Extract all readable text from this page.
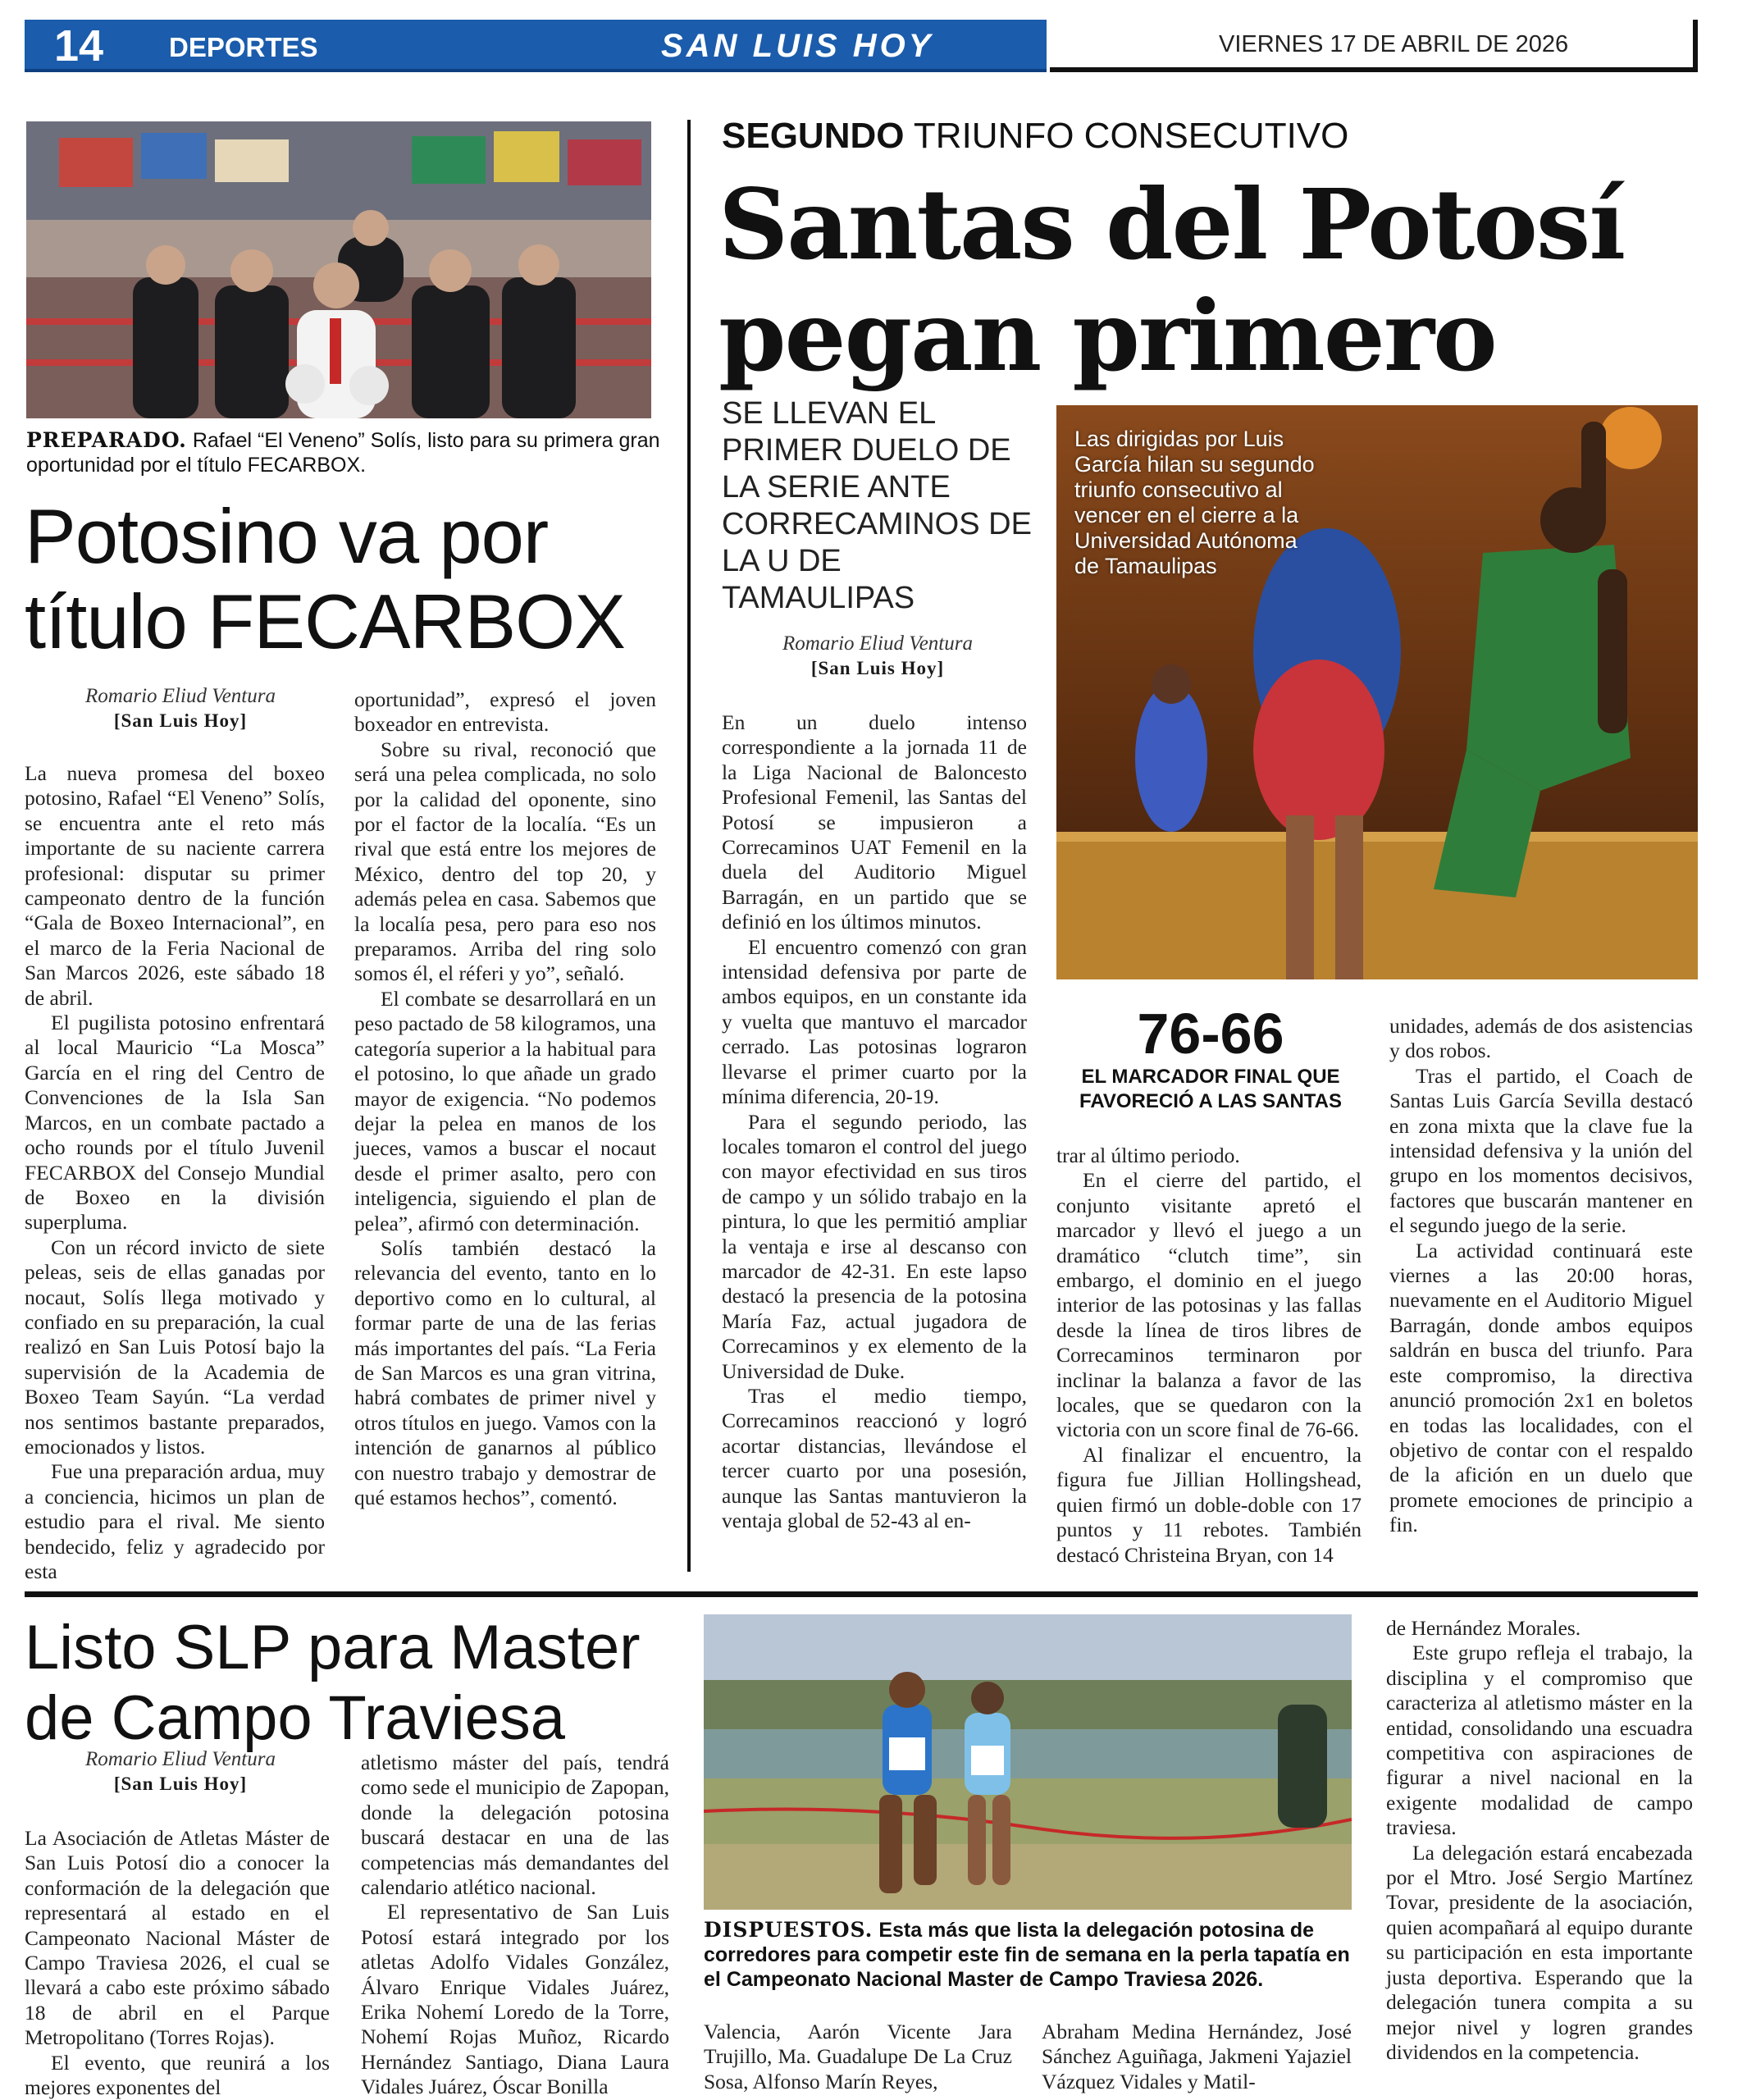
14 DEPORTES	SAN LUIS HOY	VIERNES 17 DE ABRIL DE 2026
PREPARADO. Rafael “El Veneno” Solís, listo para su primera gran oportunidad por el título FECARBOX.
Potosino va por título FECARBOX
Romario Eliud Ventura
[San Luis Hoy]

La nueva promesa del boxeo potosino, Rafael “El Veneno” Solís, se encuentra ante el reto más importante de su naciente carrera profesional: disputar su primer campeonato dentro de la función “Gala de Boxeo Internacional”, en el marco de la Feria Nacional de San Marcos 2026, este sábado 18 de abril.

El pugilista potosino enfrentará al local Mauricio “La Mosca” García en el ring del Centro de Convenciones de la Isla San Marcos, en un combate pactado a ocho rounds por el título Juvenil FECARBOX del Consejo Mundial de Boxeo en la división superpluma.

Con un récord invicto de siete peleas, seis de ellas ganadas por nocaut, Solís llega motivado y confiado en su preparación, la cual realizó en San Luis Potosí bajo la supervisión de la Academia de Boxeo Team Sayún. “La verdad nos sentimos bastante preparados, emocionados y listos.

Fue una preparación ardua, muy a conciencia, hicimos un plan de estudio para el rival. Me siento bendecido, feliz y agradecido por esta

oportunidad”, expresó el joven boxeador en entrevista.

Sobre su rival, reconoció que será una pelea complicada, no solo por la calidad del oponente, sino por el factor de la localía. “Es un rival que está entre los mejores de México, dentro del top 20, y además pelea en casa. Sabemos que la localía pesa, pero para eso nos preparamos. Arriba del ring solo somos él, el réferi y yo”, señaló.

El combate se desarrollará en un peso pactado de 58 kilogramos, una categoría superior a la habitual para el potosino, lo que añade un grado mayor de exigencia. “No podemos dejar la pelea en manos de los jueces, vamos a buscar el nocaut desde el primer asalto, pero con inteligencia, siguiendo el plan de pelea”, afirmó con determinación.

Solís también destacó la relevancia del evento, tanto en lo deportivo como en lo cultural, al formar parte de una de las ferias más importantes del país. “La Feria de San Marcos es una gran vitrina, habrá combates de primer nivel y otros títulos en juego. Vamos con la intención de ganarnos al público con nuestro trabajo y demostrar de qué estamos hechos”, comentó.

SEGUNDO TRIUNFO CONSECUTIVO
Santas del Potosí pegan primero
SE LLEVAN EL PRIMER DUELO DE LA SERIE ANTE CORRECAMINOS DE LA U DE TAMAULIPAS
Romario Eliud Ventura
[San Luis Hoy]
Las dirigidas por Luis García hilan su segundo triunfo consecutivo al vencer en el cierre a la Universidad Autónoma de Tamaulipas

En un duelo intenso correspondiente a la jornada 11 de la Liga Nacional de Baloncesto Profesional Femenil, las Santas del Potosí se impusieron a Correcaminos UAT Femenil en la duela del Auditorio Miguel Barragán, en un partido que se definió en los últimos minutos.

El encuentro comenzó con gran intensidad defensiva por parte de ambos equipos, en un constante ida y vuelta que mantuvo el marcador cerrado. Las potosinas lograron llevarse el primer cuarto por la mínima diferencia, 20-19.

Para el segundo periodo, las locales tomaron el control del juego con mayor efectividad en sus tiros de campo y un sólido trabajo en la pintura, lo que les permitió ampliar la ventaja e irse al descanso con marcador de 42-31. En este lapso destacó la presencia de la potosina María Faz, actual jugadora de Correcaminos y ex elemento de la Universidad de Duke.

Tras el medio tiempo, Correcaminos reaccionó y logró acortar distancias, llevándose el tercer cuarto por una posesión, aunque las Santas mantuvieron la ventaja global de 52-43 al en-

76-66
EL MARCADOR FINAL QUE FAVORECIÓ A LAS SANTAS

trar al último periodo.

En el cierre del partido, el conjunto visitante apretó el marcador y llevó el juego a un dramático “clutch time”, sin embargo, el dominio en el juego interior de las potosinas y las fallas desde la línea de tiros libres de Correcaminos terminaron por inclinar la balanza a favor de las locales, que se quedaron con la victoria con un score final de 76-66.

Al finalizar el encuentro, la figura fue Jillian Hollingshead, quien firmó un doble-doble con 17 puntos y 11 rebotes. También destacó Christeina Bryan, con 14

unidades, además de dos asistencias y dos robos.

Tras el partido, el Coach de Santas Luis García Sevilla destacó en zona mixta que la clave fue la intensidad defensiva y la unión del grupo en los momentos decisivos, factores que buscarán mantener en el segundo juego de la serie.

La actividad continuará este viernes a las 20:00 horas, nuevamente en el Auditorio Miguel Barragán, donde ambos equipos saldrán en busca del triunfo. Para este compromiso, la directiva anunció promoción 2x1 en boletos en todas las localidades, con el objetivo de contar con el respaldo de la afición en un duelo que promete emociones de principio a fin.

Listo SLP para Master de Campo Traviesa
Romario Eliud Ventura
[San Luis Hoy]

La Asociación de Atletas Máster de San Luis Potosí dio a conocer la conformación de la delegación que representará al estado en el Campeonato Nacional Máster de Campo Traviesa 2026, el cual se llevará a cabo este próximo sábado 18 de abril en el Parque Metropolitano (Torres Rojas).

El evento, que reunirá a los mejores exponentes del

atletismo máster del país, tendrá como sede el municipio de Zapopan, donde la delegación potosina buscará destacar en una de las competencias más demandantes del calendario atlético nacional.

El representativo de San Luis Potosí estará integrado por los atletas Adolfo Vidales González, Álvaro Enrique Vidales Juárez, Erika Nohemí Loredo de la Torre, Nohemí Rojas Muñoz, Ricardo Hernández Santiago, Diana Laura Vidales Juárez, Óscar Bonilla

DISPUESTOS. Esta más que lista la delegación potosina de corredores para competir este fin de semana en la perla tapatía en el Campeonato Nacional Master de Campo Traviesa 2026.

Valencia, Aarón Vicente Jara Trujillo, Ma. Guadalupe De La Cruz Sosa, Alfonso Marín Reyes,

Abraham Medina Hernández, José Sánchez Aguiñaga, Jakmeni Yajaziel Vázquez Vidales y Matil-

de Hernández Morales.

Este grupo refleja el trabajo, la disciplina y el compromiso que caracteriza al atletismo máster en la entidad, consolidando una escuadra competitiva con aspiraciones de figurar a nivel nacional en la exigente modalidad de campo traviesa.

La delegación estará encabezada por el Mtro. José Sergio Martínez Tovar, presidente de la asociación, quien acompañará al equipo durante su participación en esta importante justa deportiva. Esperando que la delegación tunera compita a su mejor nivel y logren grandes dividendos en la competencia.
